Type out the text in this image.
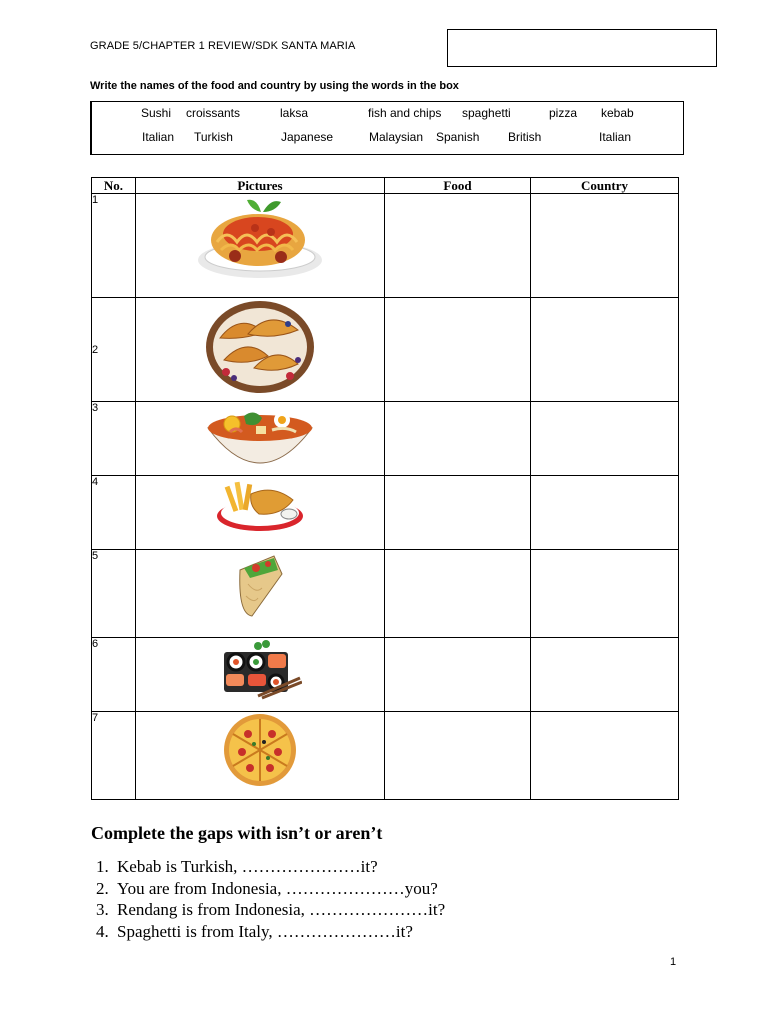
GRADE 5/CHAPTER 1 REVIEW/SDK SANTA MARIA
Write the names of the food and country by using the words in the box
Sushi croissants	laksa	fish and chips spaghetti	pizza kebab
Italian Turkish	Japanese	Malaysian Spanish British	Italian
No.	Pictures	Food	Country
1	

2	

3	

4	

5	

6	

7	

Complete the gaps with isn’t or aren’t
1. Kebab is Turkish, …………………it?
2. You are from Indonesia, …………………you?
3. Rendang is from Indonesia, …………………it?
4. Spaghetti is from Italy, …………………it?
1
